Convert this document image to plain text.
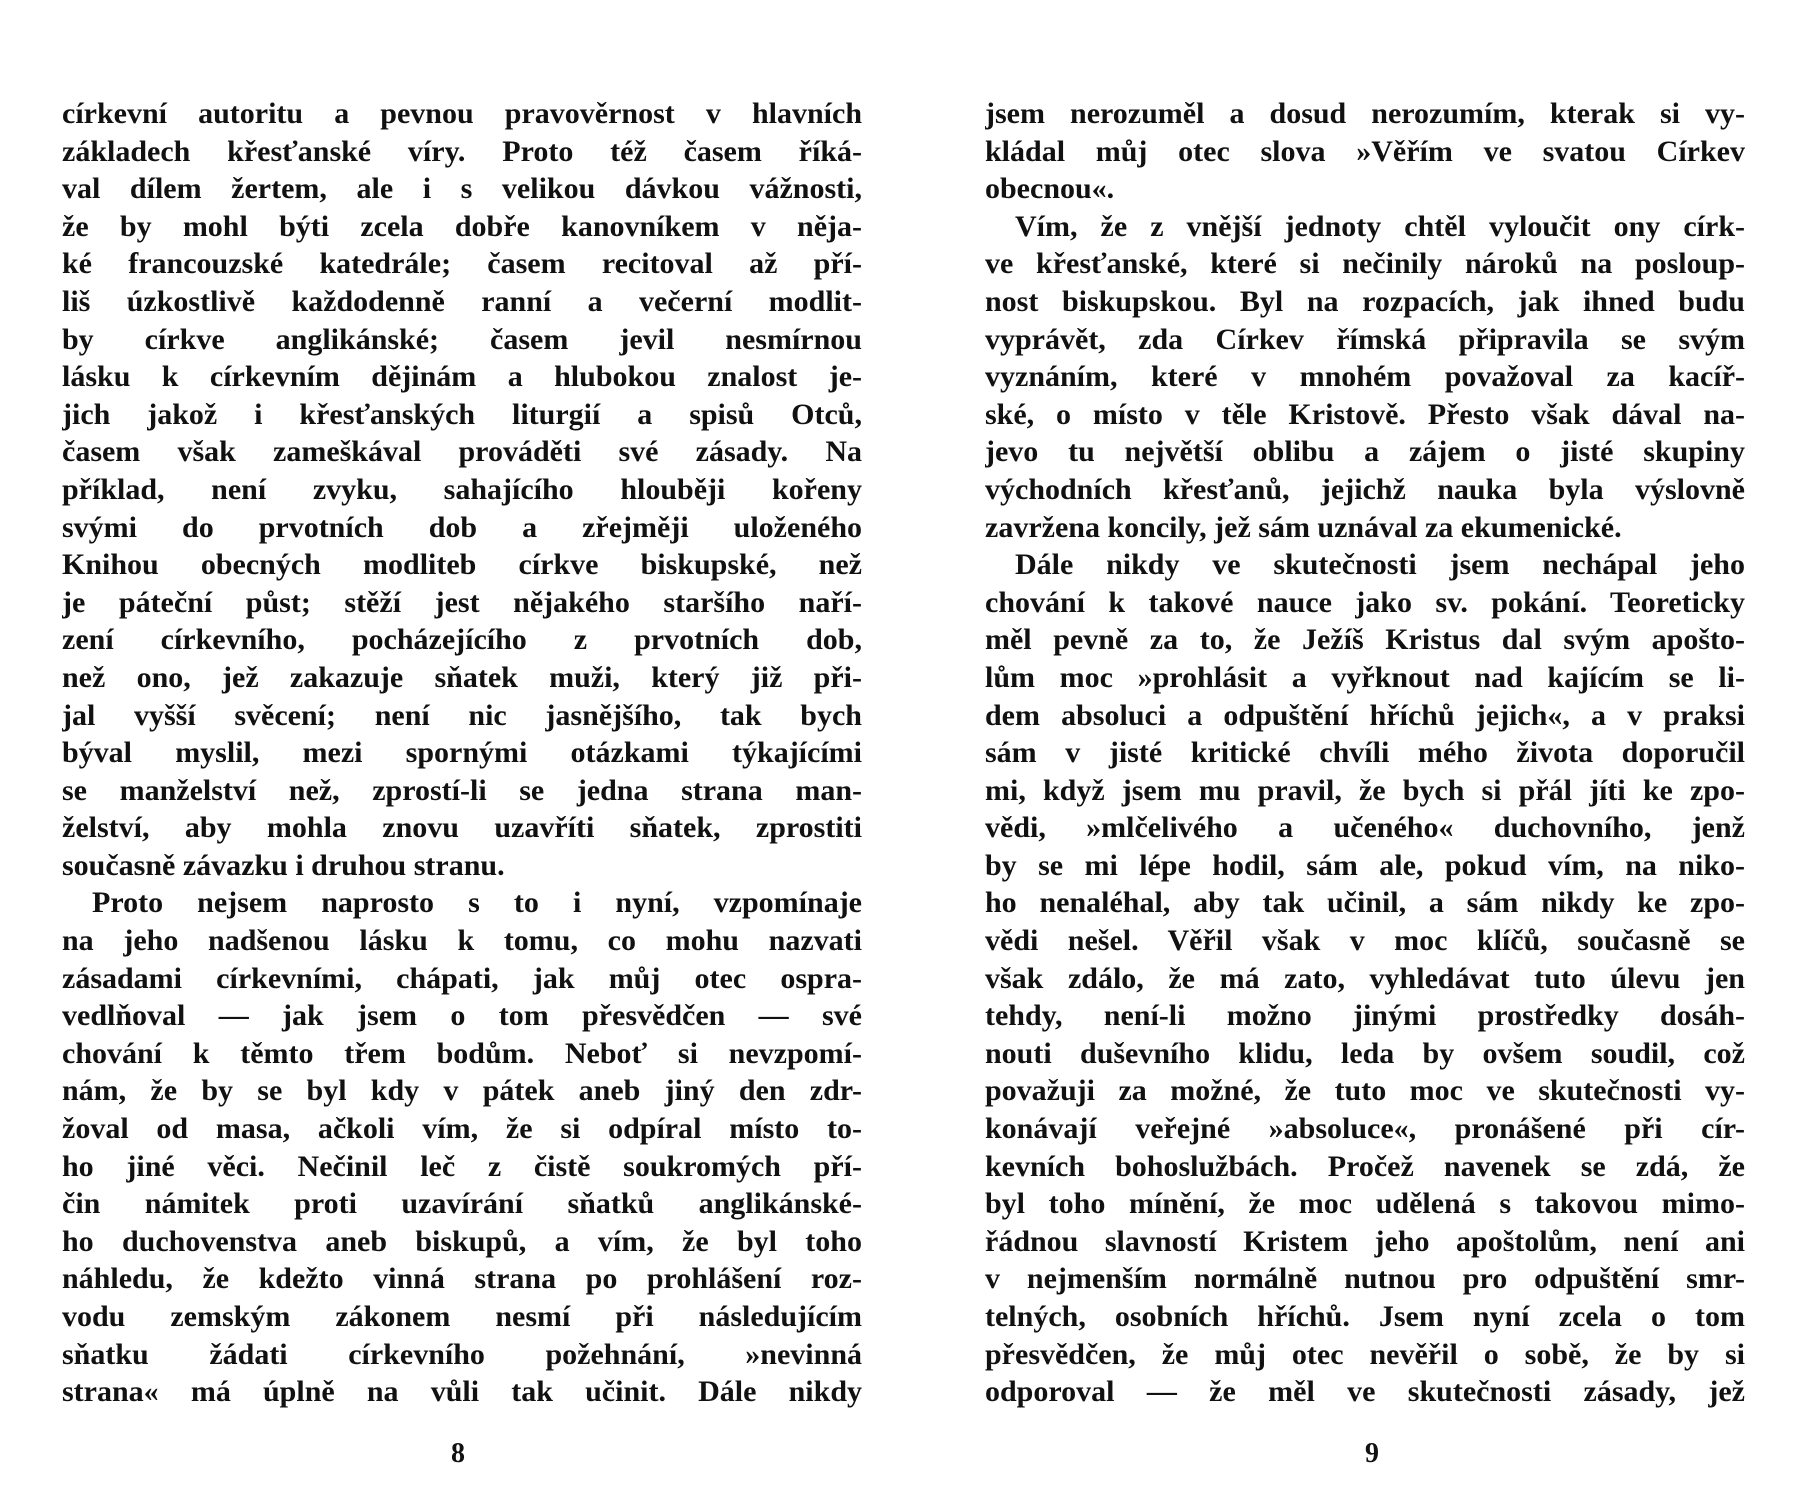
církevní autoritu a pevnou pravověrnost v hlavních
základech křesťanské víry. Proto též časem říká-
val dílem žertem, ale i s velikou dávkou vážnosti,
že by mohl býti zcela dobře kanovníkem v něja-
ké francouzské katedrále; časem recitoval až pří-
liš úzkostlivě každodenně ranní a večerní modlit-
by církve anglikánské; časem jevil nesmírnou
lásku k církevním dějinám a hlubokou znalost je-
jich jakož i křesťanských liturgií a spisů Otců,
časem však zameškával prováděti své zásady. Na
příklad, není zvyku, sahajícího hlouběji kořeny
svými do prvotních dob a zřejměji uloženého
Knihou obecných modliteb církve biskupské, než
je páteční půst; stěží jest nějakého staršího naří-
zení církevního, pocházejícího z prvotních dob,
než ono, jež zakazuje sňatek muži, který již při-
jal vyšší svěcení; není nic jasnějšího, tak bych
býval myslil, mezi spornými otázkami týkajícími
se manželství než, zprostí-li se jedna strana man-
želství, aby mohla znovu uzavříti sňatek, zprostiti
současně závazku i druhou stranu.
Proto nejsem naprosto s to i nyní, vzpomínaje
na jeho nadšenou lásku k tomu, co mohu nazvati
zásadami církevními, chápati, jak můj otec ospra-
vedlňoval — jak jsem o tom přesvědčen — své
chování k těmto třem bodům. Neboť si nevzpomí-
nám, že by se byl kdy v pátek aneb jiný den zdr-
žoval od masa, ačkoli vím, že si odpíral místo to-
ho jiné věci. Nečinil leč z čistě soukromých pří-
čin námitek proti uzavírání sňatků anglikánské-
ho duchovenstva aneb biskupů, a vím, že byl toho
náhledu, že kdežto vinná strana po prohlášení roz-
vodu zemským zákonem nesmí při následujícím
sňatku žádati církevního požehnání, »nevinná
strana« má úplně na vůli tak učinit. Dále nikdy
jsem nerozuměl a dosud nerozumím, kterak si vy-
kládal můj otec slova »Věřím ve svatou Církev
obecnou«.
Vím, že z vnější jednoty chtěl vyloučit ony círk-
ve křesťanské, které si nečinily nároků na posloup-
nost biskupskou. Byl na rozpacích, jak ihned budu
vyprávět, zda Církev římská připravila se svým
vyznáním, které v mnohém považoval za kacíř-
ské, o místo v těle Kristově. Přesto však dával na-
jevo tu největší oblibu a zájem o jisté skupiny
východních křesťanů, jejichž nauka byla výslovně
zavržena koncily, jež sám uznával za ekumenické.
Dále nikdy ve skutečnosti jsem nechápal jeho
chování k takové nauce jako sv. pokání. Teoreticky
měl pevně za to, že Ježíš Kristus dal svým apošto-
lům moc »prohlásit a vyřknout nad kajícím se li-
dem absoluci a odpuštění hříchů jejich«, a v praksi
sám v jisté kritické chvíli mého života doporučil
mi, když jsem mu pravil, že bych si přál jíti ke zpo-
vědi, »mlčelivého a učeného« duchovního, jenž
by se mi lépe hodil, sám ale, pokud vím, na niko-
ho nenaléhal, aby tak učinil, a sám nikdy ke zpo-
vědi nešel. Věřil však v moc klíčů, současně se
však zdálo, že má zato, vyhledávat tuto úlevu jen
tehdy, není-li možno jinými prostředky dosáh-
nouti duševního klidu, leda by ovšem soudil, což
považuji za možné, že tuto moc ve skutečnosti vy-
konávají veřejné »absoluce«, pronášené při cír-
kevních bohoslužbách. Pročež navenek se zdá, že
byl toho mínění, že moc udělená s takovou mimo-
řádnou slavností Kristem jeho apoštolům, není ani
v nejmenším normálně nutnou pro odpuštění smr-
telných, osobních hříchů. Jsem nyní zcela o tom
přesvědčen, že můj otec nevěřil o sobě, že by si
odporoval — že měl ve skutečnosti zásady, jež
8	9
